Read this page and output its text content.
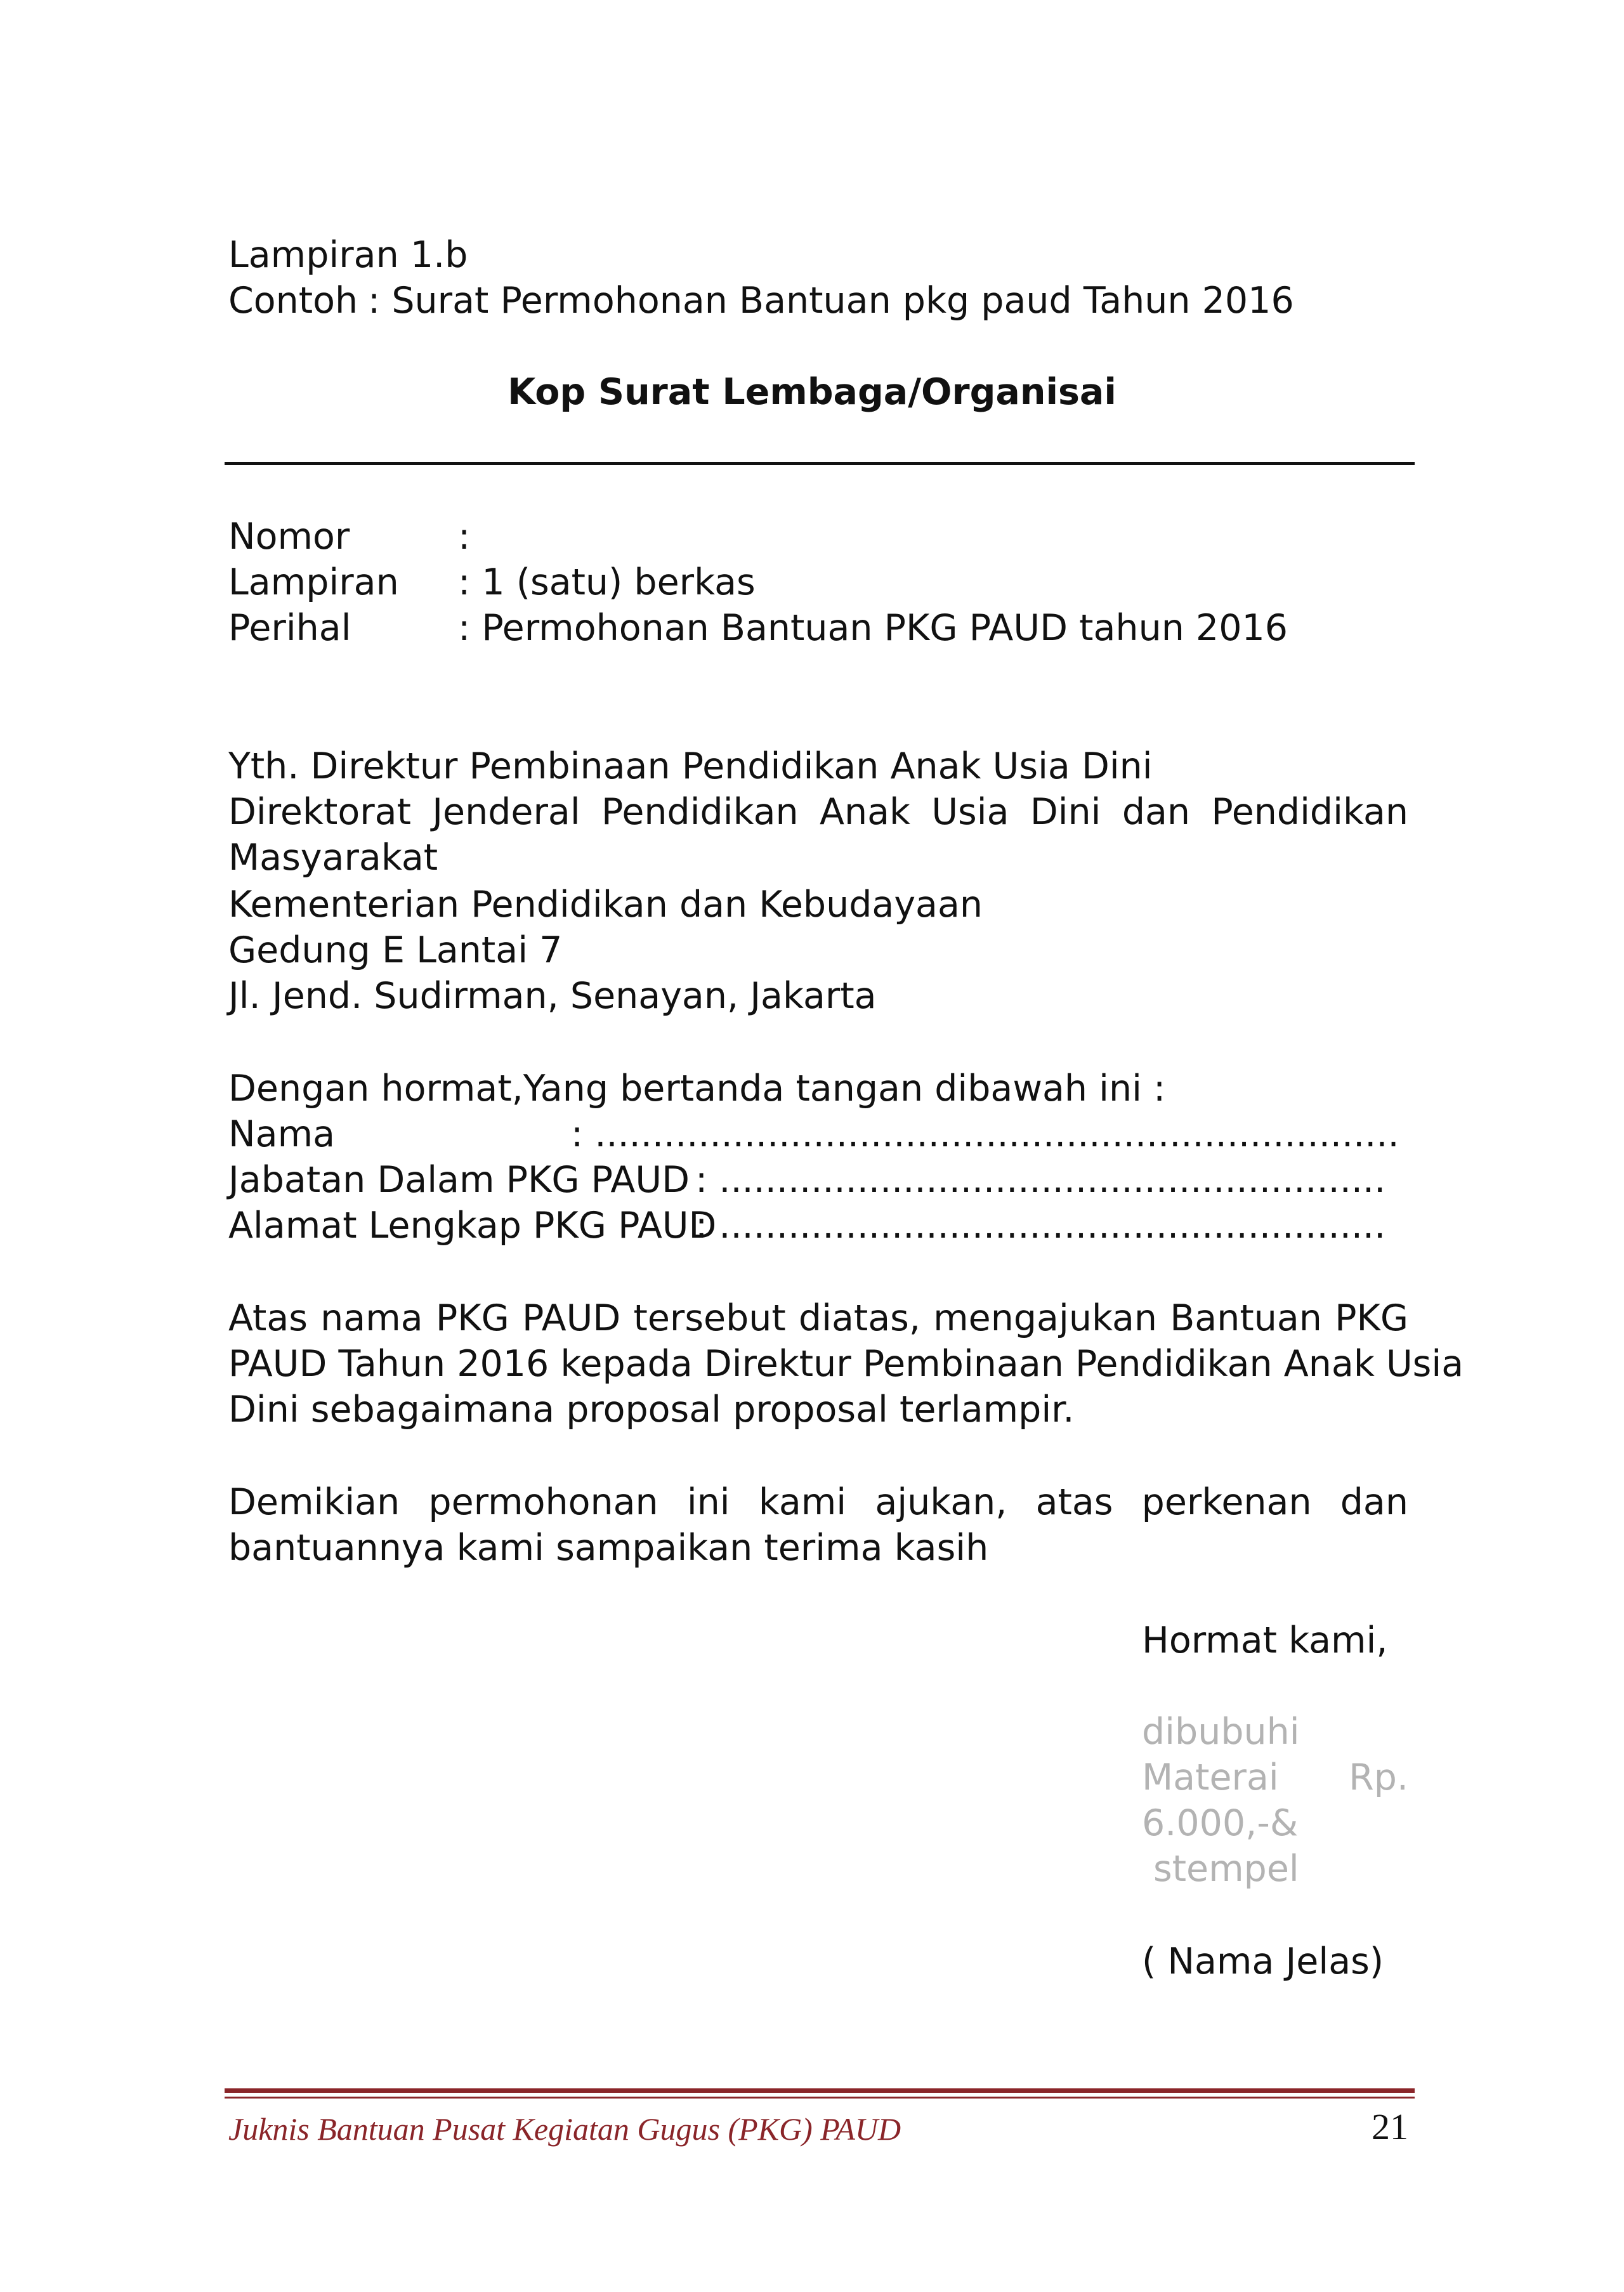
Lampiran 1.b
Contoh : Surat Permohonan Bantuan pkg paud Tahun 2016
Kop Surat Lembaga/Organisai
Nomor	:
Lampiran : 1 (satu) berkas
Perihal	: Permohonan Bantuan PKG PAUD tahun 2016
Yth. Direktur Pembinaan Pendidikan Anak Usia Dini
Direktorat Jenderal Pendidikan Anak Usia Dini dan Pendidikan
Masyarakat
Kementerian Pendidikan dan Kebudayaan
Gedung E Lantai 7
Jl. Jend. Sudirman, Senayan, Jakarta
Dengan hormat,Yang bertanda tangan dibawah ini :
Nama	: ......................................................................
Jabatan Dalam PKG PAUD : ..........................................................
Alamat Lengkap PKG PAUD: ..........................................................
Atas nama PKG PAUD tersebut diatas, mengajukan Bantuan PKG
PAUD Tahun 2016 kepada Direktur Pembinaan Pendidikan Anak Usia
Dini sebagaimana proposal proposal terlampir.
Demikian permohonan ini kami ajukan, atas perkenan dan
bantuannya kami sampaikan terima kasih
Hormat kami,
dibubuhi
Materai Rp.
6.000,-&
stempel
( Nama Jelas)
Juknis Bantuan Pusat Kegiatan Gugus (PKG) PAUD	21
